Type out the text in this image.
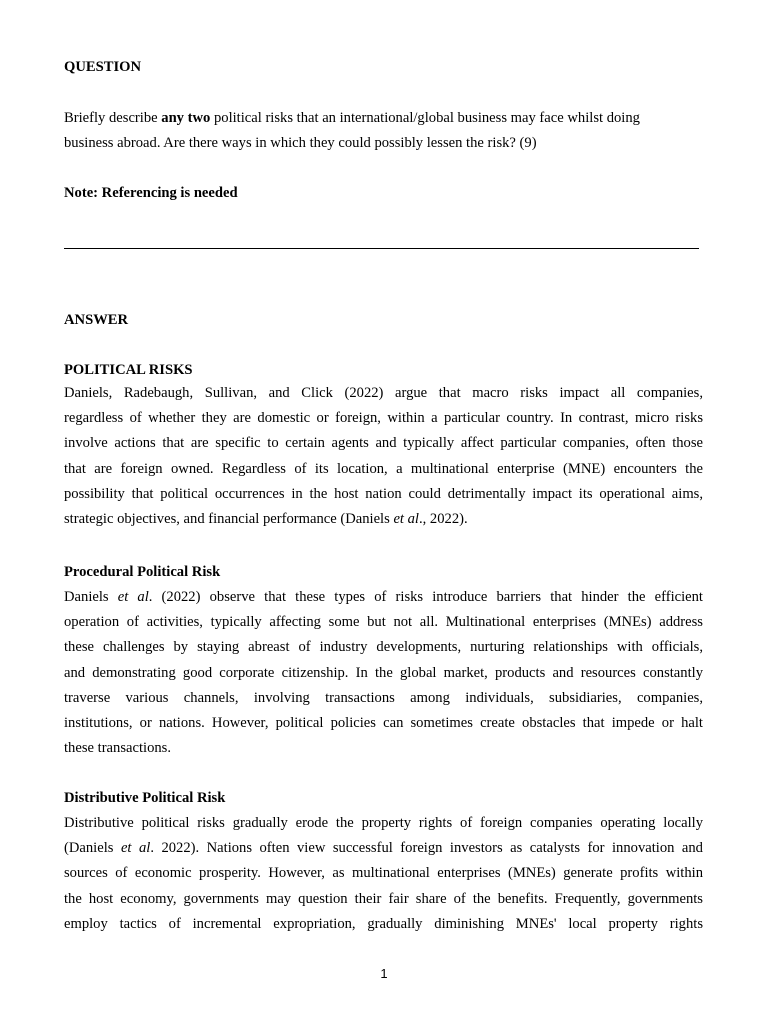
QUESTION
Briefly describe any two political risks that an international/global business may face whilst doing
business abroad. Are there ways in which they could possibly lessen the risk? (9)
Note: Referencing is needed
ANSWER
POLITICAL RISKS
Daniels, Radebaugh, Sullivan, and Click (2022) argue that macro risks impact all companies,
regardless of whether they are domestic or foreign, within a particular country. In contrast, micro risks
involve actions that are specific to certain agents and typically affect particular companies, often those
that are foreign owned. Regardless of its location, a multinational enterprise (MNE) encounters the
possibility that political occurrences in the host nation could detrimentally impact its operational aims,
strategic objectives, and financial performance (Daniels et al., 2022).
Procedural Political Risk
Daniels et al. (2022) observe that these types of risks introduce barriers that hinder the efficient
operation of activities, typically affecting some but not all. Multinational enterprises (MNEs) address
these challenges by staying abreast of industry developments, nurturing relationships with officials,
and demonstrating good corporate citizenship. In the global market, products and resources constantly
traverse various channels, involving transactions among individuals, subsidiaries, companies,
institutions, or nations. However, political policies can sometimes create obstacles that impede or halt
these transactions.
Distributive Political Risk
Distributive political risks gradually erode the property rights of foreign companies operating locally
(Daniels et al. 2022). Nations often view successful foreign investors as catalysts for innovation and
sources of economic prosperity. However, as multinational enterprises (MNEs) generate profits within
the host economy, governments may question their fair share of the benefits. Frequently, governments
employ tactics of incremental expropriation, gradually diminishing MNEs' local property rights
1
